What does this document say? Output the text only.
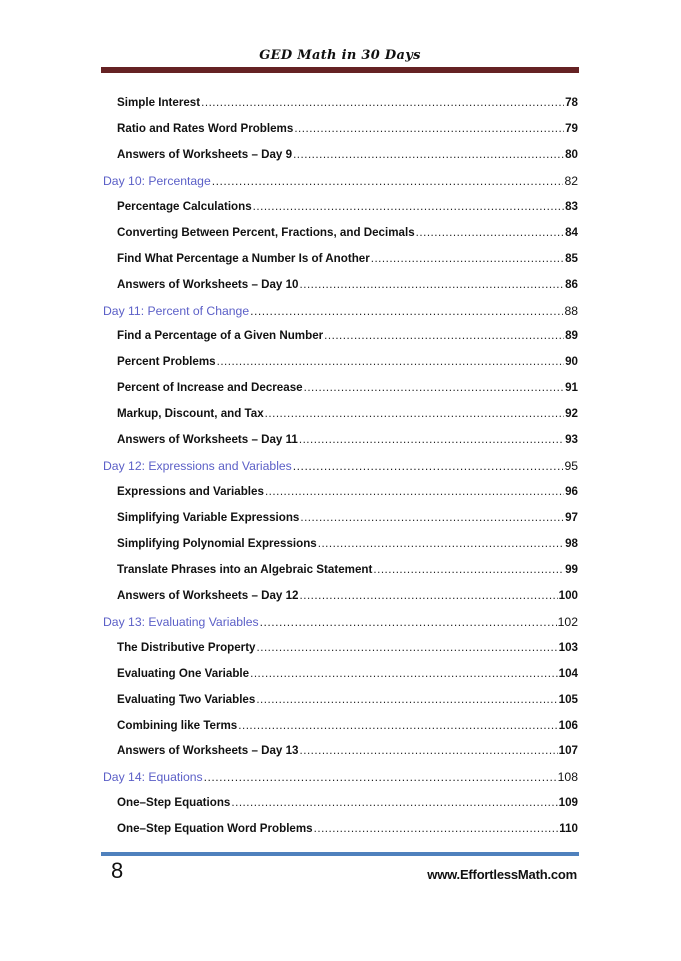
GED Math in 30 Days
Simple Interest .....	78
Ratio and Rates Word Problems .....	79
Answers of Worksheets – Day 9 .....	80
Day 10: Percentage .....	82
Percentage Calculations .....	83
Converting Between Percent, Fractions, and Decimals .....	84
Find What Percentage a Number Is of Another .....	85
Answers of Worksheets – Day 10 .....	86
Day 11: Percent of Change .....	88
Find a Percentage of a Given Number .....	89
Percent Problems .....	90
Percent of Increase and Decrease .....	91
Markup, Discount, and Tax .....	92
Answers of Worksheets – Day 11 .....	93
Day 12: Expressions and Variables .....	95
Expressions and Variables .....	96
Simplifying Variable Expressions .....	97
Simplifying Polynomial Expressions .....	98
Translate Phrases into an Algebraic Statement .....	99
Answers of Worksheets – Day 12 .....	100
Day 13: Evaluating Variables .....	102
The Distributive Property .....	103
Evaluating One Variable .....	104
Evaluating Two Variables .....	105
Combining like Terms .....	106
Answers of Worksheets – Day 13 .....	107
Day 14: Equations .....	108
One–Step Equations .....	109
One–Step Equation Word Problems .....	110
8	www.EffortlessMath.com
